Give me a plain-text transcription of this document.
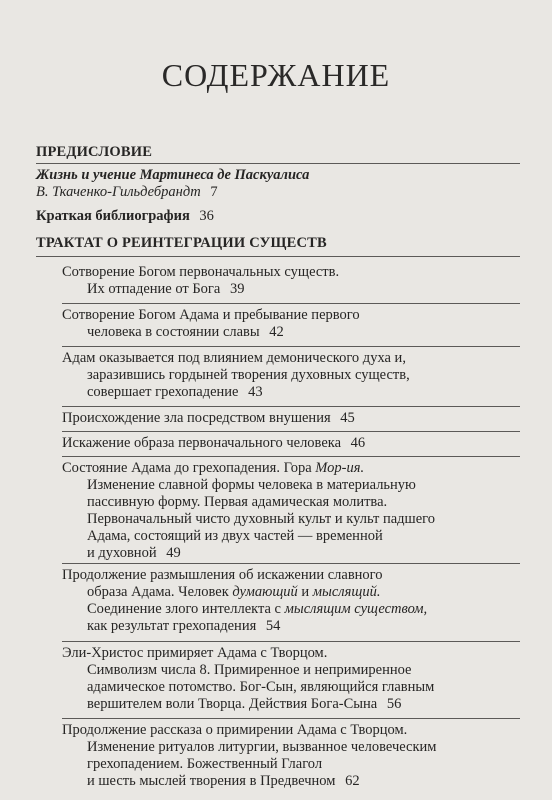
СОДЕРЖАНИЕ
ПРЕДИСЛОВИЕ
Жизнь и учение Мартинеса де Паскуалиса
В. Ткаченко-Гильдебрандт 7
Краткая библиография 36
ТРАКТАТ О РЕИНТЕГРАЦИИ СУЩЕСТВ
Сотворение Богом первоначальных существ.
Их отпадение от Бога 39
Сотворение Богом Адама и пребывание первого
человека в состоянии славы 42
Адам оказывается под влиянием демонического духа и,
заразившись гордыней творения духовных существ,
совершает грехопадение 43
Происхождение зла посредством внушения 45
Искажение образа первоначального человека 46
Состояние Адама до грехопадения. Гора Мор-ия.
Изменение славной формы человека в материальную
пассивную форму. Первая адамическая молитва.
Первоначальный чисто духовный культ и культ падшего
Адама, состоящий из двух частей — временной
и духовной 49
Продолжение размышления об искажении славного
образа Адама. Человек думающий и мыслящий.
Соединение злого интеллекта с мыслящим существом,
как результат грехопадения 54
Эли-Христос примиряет Адама с Творцом.
Символизм числа 8. Примиренное и непримиренное
адамическое потомство. Бог-Сын, являющийся главным
вершителем воли Творца. Действия Бога-Сына 56
Продолжение рассказа о примирении Адама с Творцом.
Изменение ритуалов литургии, вызванное человеческим
грехопадением. Божественный Глагол
и шесть мыслей творения в Предвечном 62
